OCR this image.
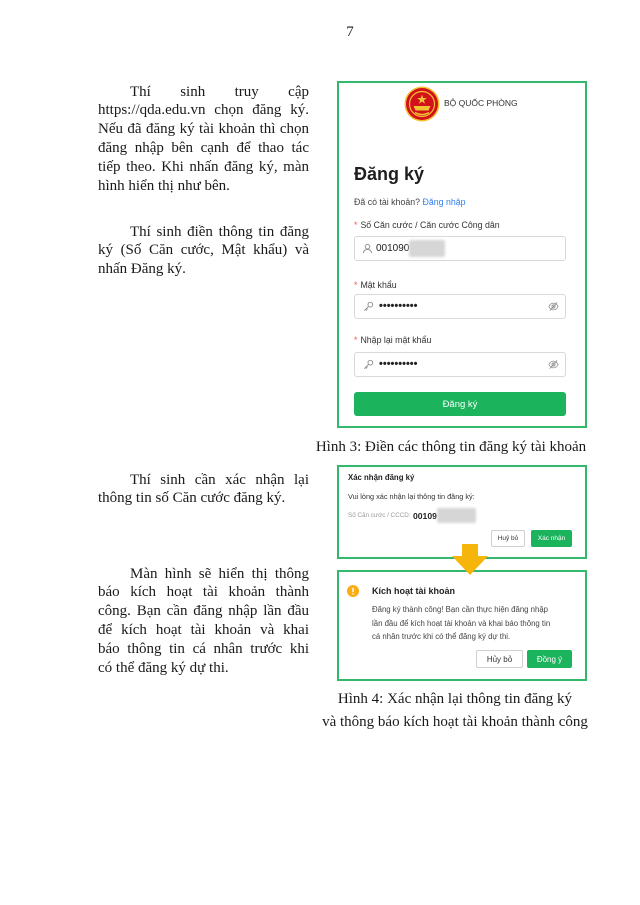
7
Thí sinh truy cập
https://qda.edu.vn chọn đăng ký.
Nếu đã đăng ký tài khoản thì chọn
đăng nhập bên cạnh để thao tác
tiếp theo. Khi nhấn đăng ký, màn
hình hiển thị như bên.
Thí sinh điền thông tin đăng
ký (Số Căn cước, Mật khẩu) và
nhấn Đăng ký.
Thí sinh cần xác nhận lại
thông tin số Căn cước đăng ký.
Màn hình sẽ hiển thị thông
báo kích hoạt tài khoản thành
công. Bạn cần đăng nhập lần đầu
để kích hoạt tài khoản và khai
báo thông tin cá nhân trước khi
có thể đăng ký dự thi.
BỘ QUỐC PHÒNG
Đăng ký
Đã có tài khoản? Đăng nhập
* Số Căn cước / Căn cước Công dân
001090
* Mật khẩu
••••••••••
* Nhập lại mật khẩu
••••••••••
Đăng ký
Hình 3: Điền các thông tin đăng ký tài khoản
Xác nhận đăng ký
Vui lòng xác nhận lại thông tin đăng ký:
Số Căn cước / CCCD: 00109
Huỷ bỏ	Xác nhận
Kích hoạt tài khoản
Đăng ký thành công! Bạn cần thực hiện đăng nhập
lần đầu để kích hoạt tài khoản và khai báo thông tin
cá nhân trước khi có thể đăng ký dự thi.
Hủy bỏ	Đồng ý
Hình 4: Xác nhận lại thông tin đăng ký
và thông báo kích hoạt tài khoản thành công
